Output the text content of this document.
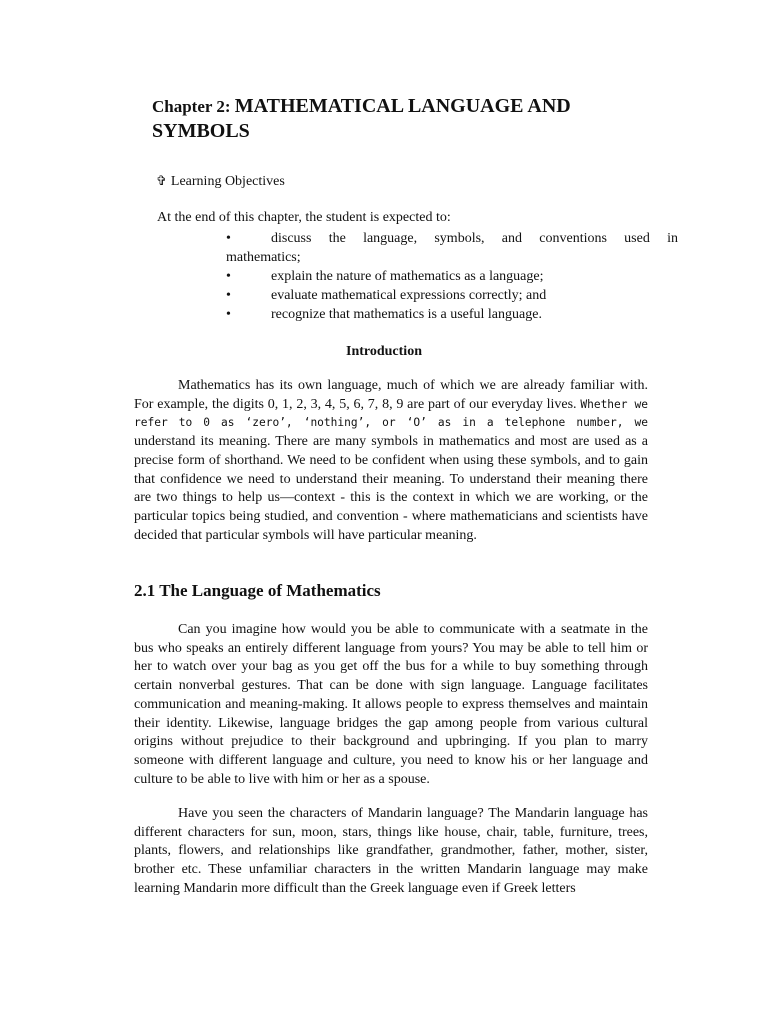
Chapter 2: MATHEMATICAL LANGUAGE AND SYMBOLS

✞ Learning Objectives

At the end of this chapter, the student is expected to:

•	discuss the language, symbols, and conventions used in
mathematics;
•	explain the nature of mathematics as a language;
•	evaluate mathematical expressions correctly; and
•	recognize that mathematics is a useful language.

Introduction

Mathematics has its own language, much of which we are already familiar with. For example, the digits 0, 1, 2, 3, 4, 5, 6, 7, 8, 9 are part of our everyday lives. Whether we refer to 0 as ‘zero’, ‘nothing’, or ‘O’ as in a telephone number, we understand its meaning. There are many symbols in mathematics and most are used as a precise form of shorthand. We need to be confident when using these symbols, and to gain that confidence we need to understand their meaning. To understand their meaning there are two things to help us—context - this is the context in which we are working, or the particular topics being studied, and convention - where mathematicians and scientists have decided that particular symbols will have particular meaning.

2.1 The Language of Mathematics

Can you imagine how would you be able to communicate with a seatmate in the bus who speaks an entirely different language from yours? You may be able to tell him or her to watch over your bag as you get off the bus for a while to buy something through certain nonverbal gestures. That can be done with sign language. Language facilitates communication and meaning-making. It allows people to express themselves and maintain their identity. Likewise, language bridges the gap among people from various cultural origins without prejudice to their background and upbringing. If you plan to marry someone with different language and culture, you need to know his or her language and culture to be able to live with him or her as a spouse.

Have you seen the characters of Mandarin language? The Mandarin language has different characters for sun, moon, stars, things like house, chair, table, furniture, trees, plants, flowers, and relationships like grandfather, grandmother, father, mother, sister, brother etc. These unfamiliar characters in the written Mandarin language may make learning Mandarin more difficult than the Greek language even if Greek letters
